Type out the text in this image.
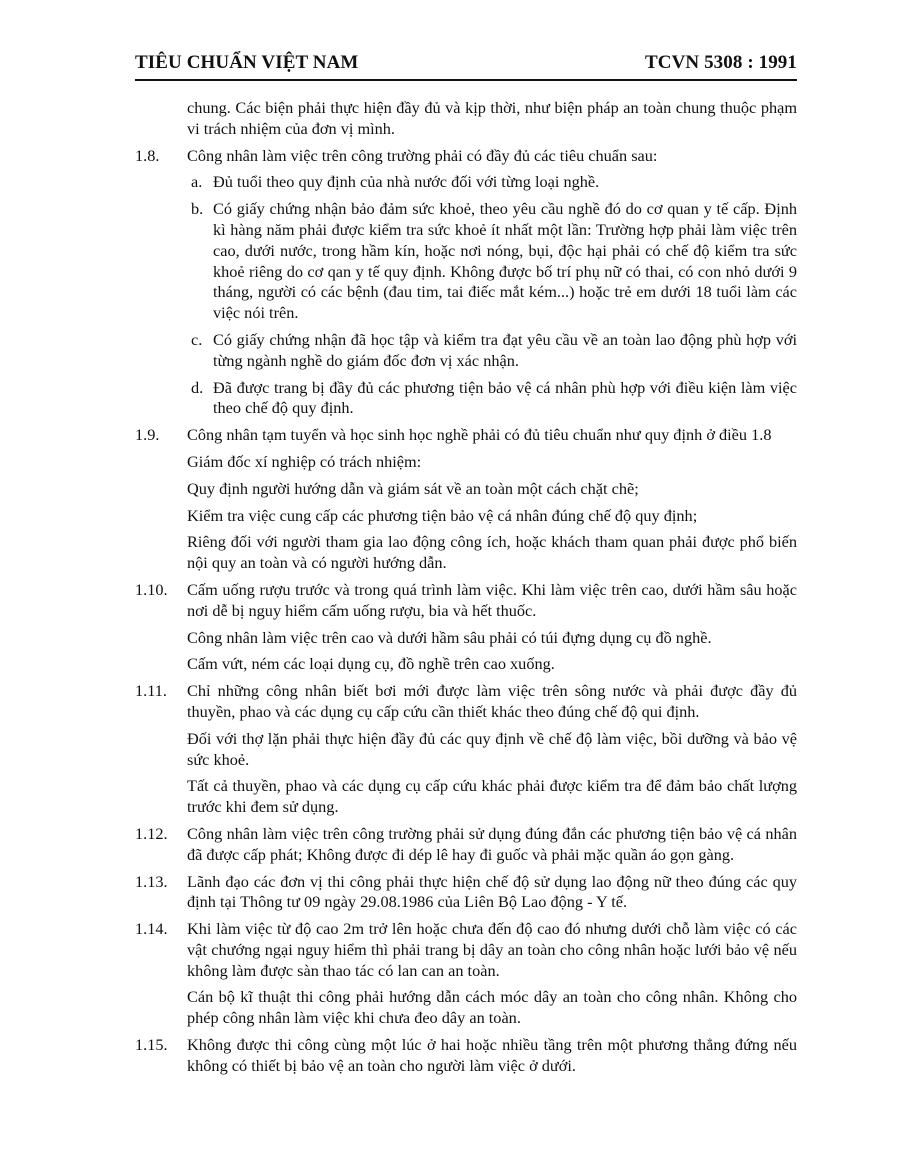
TIÊU CHUẨN VIỆT NAM	TCVN 5308 : 1991

chung. Các biện phải thực hiện đầy đủ và kịp thời, như biện pháp an toàn chung thuộc phạm vi trách nhiệm của đơn vị mình.

1.8.	Công nhân làm việc trên công trường phải có đầy đủ các tiêu chuẩn sau:

a. Đủ tuổi theo quy định của nhà nước đối với từng loại nghề.
b. Có giấy chứng nhận bảo đảm sức khoẻ, theo yêu cầu nghề đó do cơ quan y tế cấp. Định kì hàng năm phải được kiểm tra sức khoẻ ít nhất một lần: Trường hợp phải làm việc trên cao, dưới nước, trong hầm kín, hoặc nơi nóng, bụi, độc hại phải có chế độ kiểm tra sức khoẻ riêng do cơ qan y tế quy định. Không được bố trí phụ nữ có thai, có con nhỏ dưới 9 tháng, người có các bệnh (đau tim, tai điếc mắt kém...) hoặc trẻ em dưới 18 tuổi làm các việc nói trên.
c. Có giấy chứng nhận đã học tập và kiểm tra đạt yêu cầu về an toàn lao động phù hợp với từng ngành nghề do giám đốc đơn vị xác nhận.
d. Đã được trang bị đầy đủ các phương tiện bảo vệ cá nhân phù hợp với điều kiện làm việc theo chế độ quy định.
1.9.	Công nhân tạm tuyển và học sinh học nghề phải có đủ tiêu chuẩn như quy định ở điều 1.8

Giám đốc xí nghiệp có trách nhiệm:

Quy định người hướng dẫn và giám sát về an toàn một cách chặt chẽ;

Kiểm tra việc cung cấp các phương tiện bảo vệ cá nhân đúng chế độ quy định;

Riêng đối với người tham gia lao động công ích, hoặc khách tham quan phải được phổ biến nội quy an toàn và có người hướng dẫn.

1.10.	Cấm uống rượu trước và trong quá trình làm việc. Khi làm việc trên cao, dưới hầm sâu hoặc nơi dễ bị nguy hiểm cấm uống rượu, bia và hết thuốc.

Công nhân làm việc trên cao và dưới hầm sâu phải có túi đựng dụng cụ đồ nghề.

Cấm vứt, ném các loại dụng cụ, đồ nghề trên cao xuống.

1.11.	Chỉ những công nhân biết bơi mới được làm việc trên sông nước và phải được đầy đủ thuyền, phao và các dụng cụ cấp cứu cần thiết khác theo đúng chế độ qui định.

Đối với thợ lặn phải thực hiện đầy đủ các quy định về chế độ làm việc, bồi dưỡng và bảo vệ sức khoẻ.

Tất cả thuyền, phao và các dụng cụ cấp cứu khác phải được kiểm tra để đảm bảo chất lượng trước khi đem sử dụng.

1.12.	Công nhân làm việc trên công trường phải sử dụng đúng đắn các phương tiện bảo vệ cá nhân đã được cấp phát; Không được đi dép lê hay đi guốc và phải mặc quần áo gọn gàng.

1.13.	Lãnh đạo các đơn vị thi công phải thực hiện chế độ sử dụng lao động nữ theo đúng các quy định tại Thông tư 09 ngày 29.08.1986 của Liên Bộ Lao động - Y tế.

1.14.	Khi làm việc từ độ cao 2m trở lên hoặc chưa đến độ cao đó nhưng dưới chỗ làm việc có các vật chướng ngại nguy hiểm thì phải trang bị dây an toàn cho công nhân hoặc lưới bảo vệ nếu không làm được sàn thao tác có lan can an toàn.

Cán bộ kĩ thuật thi công phải hướng dẫn cách móc dây an toàn cho công nhân. Không cho phép công nhân làm việc khi chưa đeo dây an toàn.

1.15.	Không được thi công cùng một lúc ở hai hoặc nhiều tầng trên một phương thẳng đứng nếu không có thiết bị bảo vệ an toàn cho người làm việc ở dưới.
